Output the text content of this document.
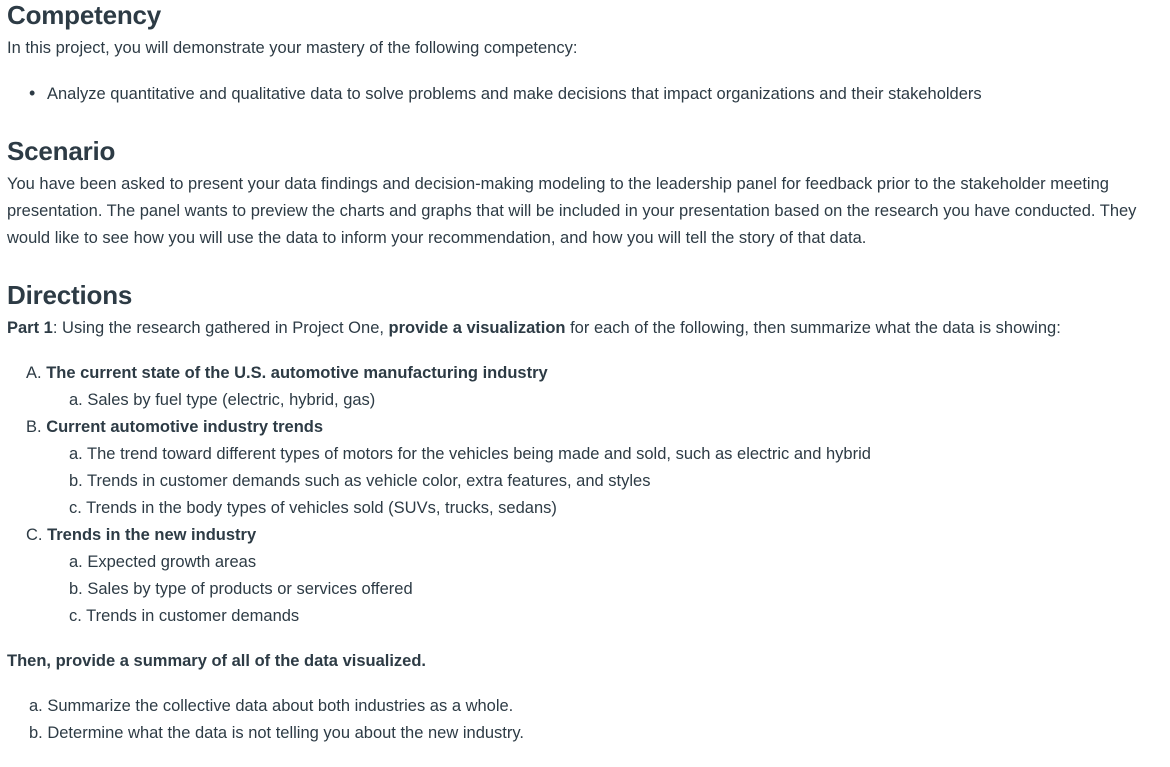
Competency

In this project, you will demonstrate your mastery of the following competency:

• Analyze quantitative and qualitative data to solve problems and make decisions that impact organizations and their stakeholders
Scenario

You have been asked to present your data findings and decision-making modeling to the leadership panel for feedback prior to the stakeholder meeting presentation. The panel wants to preview the charts and graphs that will be included in your presentation based on the research you have conducted. They would like to see how you will use the data to inform your recommendation, and how you will tell the story of that data.

Directions

Part 1: Using the research gathered in Project One, provide a visualization for each of the following, then summarize what the data is showing:

A. The current state of the U.S. automotive manufacturing industry
a. Sales by fuel type (electric, hybrid, gas)
B. Current automotive industry trends
a. The trend toward different types of motors for the vehicles being made and sold, such as electric and hybrid
b. Trends in customer demands such as vehicle color, extra features, and styles
c. Trends in the body types of vehicles sold (SUVs, trucks, sedans)
C. Trends in the new industry
a. Expected growth areas
b. Sales by type of products or services offered
c. Trends in customer demands

Then, provide a summary of all of the data visualized.

a. Summarize the collective data about both industries as a whole.
b. Determine what the data is not telling you about the new industry.
